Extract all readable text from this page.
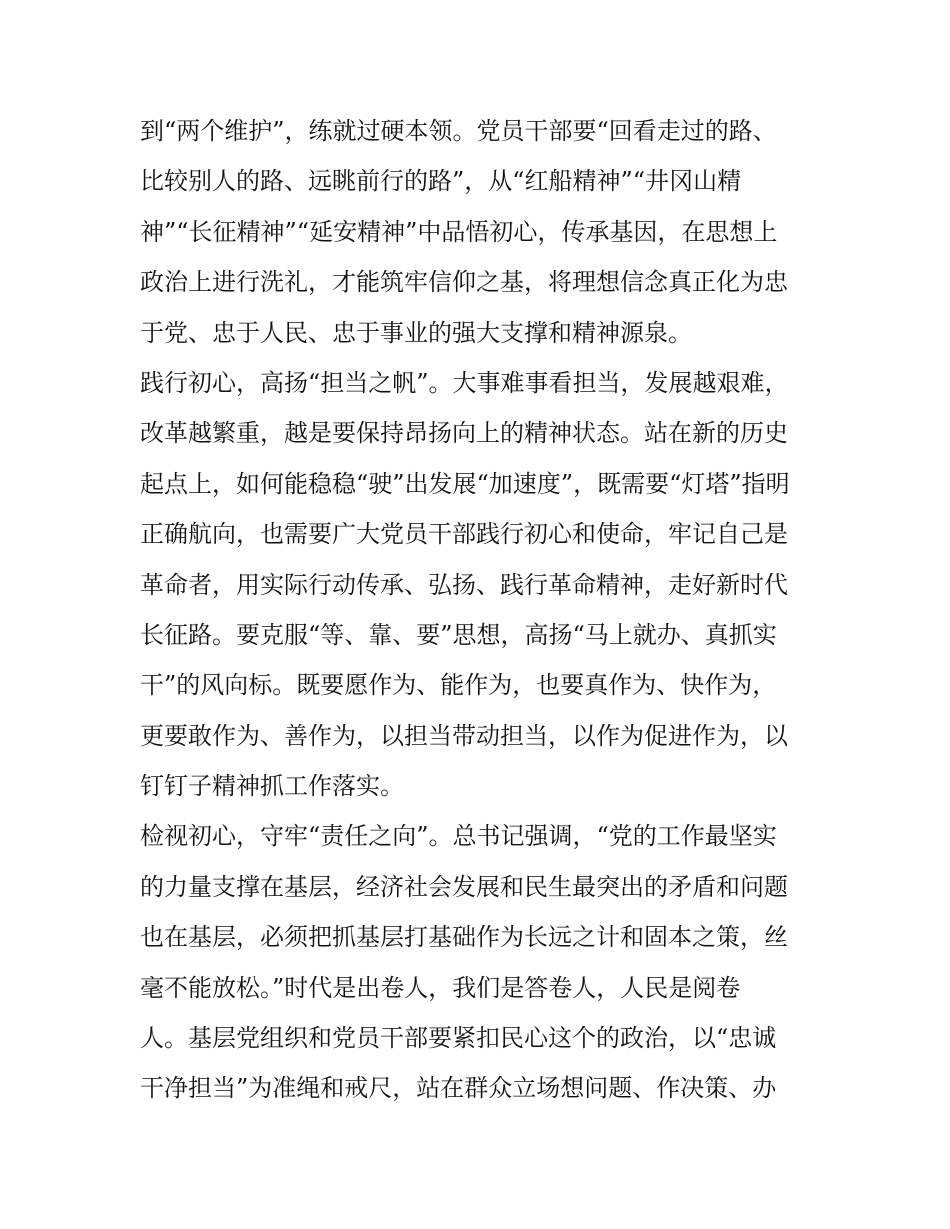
到“两个维护”，练就过硬本领。党员干部要“回看走过的路、
比较别人的路、远眺前行的路”，从“红船精神”“井冈山精
神”“长征精神”“延安精神”中品悟初心，传承基因，在思想上
政治上进行洗礼，才能筑牢信仰之基，将理想信念真正化为忠
于党、忠于人民、忠于事业的强大支撑和精神源泉。
践行初心，高扬“担当之帆”。大事难事看担当，发展越艰难，
改革越繁重，越是要保持昂扬向上的精神状态。站在新的历史
起点上，如何能稳稳“驶”出发展“加速度”，既需要“灯塔”指明
正确航向，也需要广大党员干部践行初心和使命，牢记自己是
革命者，用实际行动传承、弘扬、践行革命精神，走好新时代
长征路。要克服“等、靠、要”思想，高扬“马上就办、真抓实
干”的风向标。既要愿作为、能作为，也要真作为、快作为，
更要敢作为、善作为，以担当带动担当，以作为促进作为，以
钉钉子精神抓工作落实。
检视初心，守牢“责任之向”。总书记强调，“党的工作最坚实
的力量支撑在基层，经济社会发展和民生最突出的矛盾和问题
也在基层，必须把抓基层打基础作为长远之计和固本之策，丝
毫不能放松。”时代是出卷人，我们是答卷人，人民是阅卷
人。基层党组织和党员干部要紧扣民心这个的政治，以“忠诚
干净担当”为准绳和戒尺，站在群众立场想问题、作决策、办
